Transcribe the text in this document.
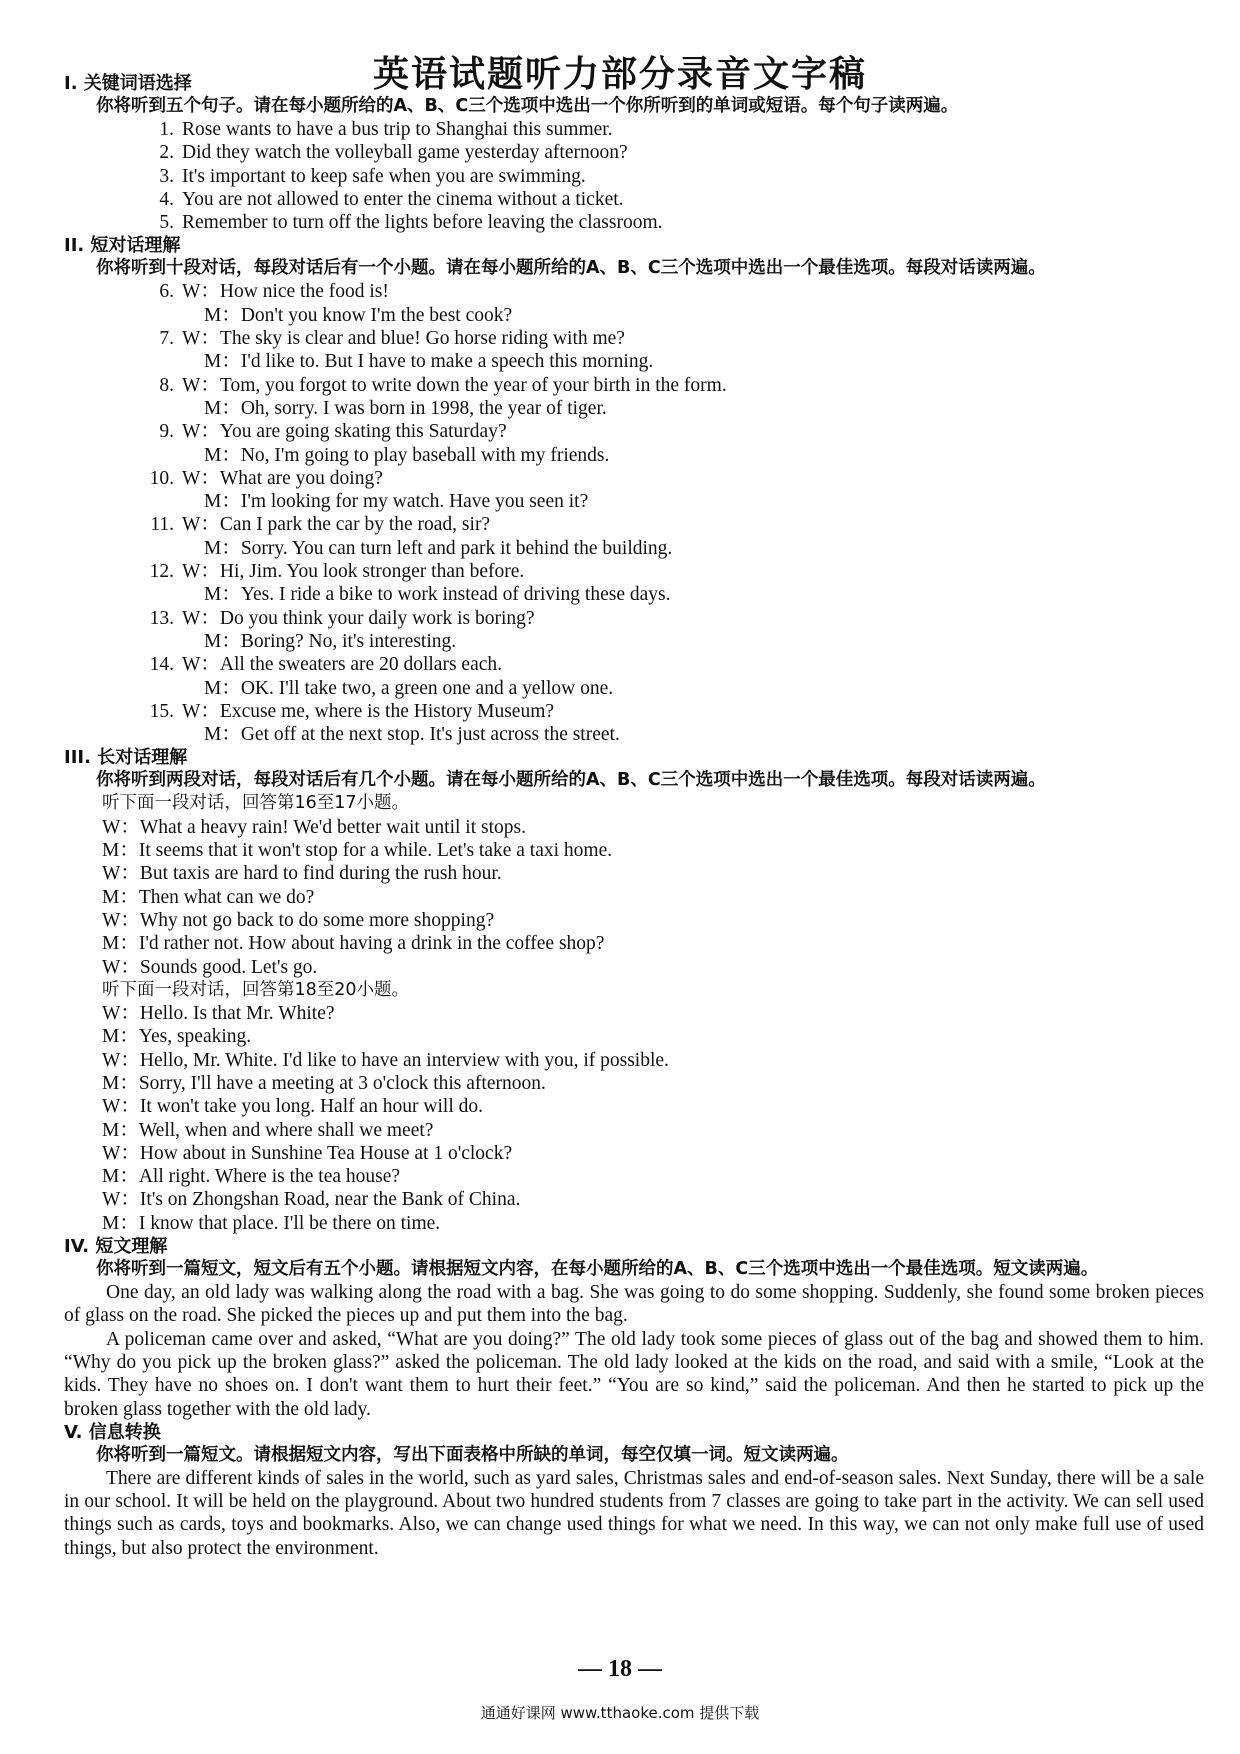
英语试题听力部分录音文字稿
I. 关键词语选择
你将听到五个句子。请在每小题所给的A、B、C三个选项中选出一个你所听到的单词或短语。每个句子读两遍。
1. Rose wants to have a bus trip to Shanghai this summer.
2. Did they watch the volleyball game yesterday afternoon?
3. It's important to keep safe when you are swimming.
4. You are not allowed to enter the cinema without a ticket.
5. Remember to turn off the lights before leaving the classroom.
II. 短对话理解
你将听到十段对话，每段对话后有一个小题。请在每小题所给的A、B、C三个选项中选出一个最佳选项。每段对话读两遍。
6. W：How nice the food is!
M：Don't you know I'm the best cook?
7. W：The sky is clear and blue! Go horse riding with me?
M：I'd like to. But I have to make a speech this morning.
8. W：Tom, you forgot to write down the year of your birth in the form.
M：Oh, sorry. I was born in 1998, the year of tiger.
9. W：You are going skating this Saturday?
M：No, I'm going to play baseball with my friends.
10. W：What are you doing?
M：I'm looking for my watch. Have you seen it?
11. W：Can I park the car by the road, sir?
M：Sorry. You can turn left and park it behind the building.
12. W：Hi, Jim. You look stronger than before.
M：Yes. I ride a bike to work instead of driving these days.
13. W：Do you think your daily work is boring?
M：Boring? No, it's interesting.
14. W：All the sweaters are 20 dollars each.
M：OK. I'll take two, a green one and a yellow one.
15. W：Excuse me, where is the History Museum?
M：Get off at the next stop. It's just across the street.
III. 长对话理解
你将听到两段对话，每段对话后有几个小题。请在每小题所给的A、B、C三个选项中选出一个最佳选项。每段对话读两遍。
听下面一段对话，回答第16至17小题。
W：What a heavy rain! We'd better wait until it stops.
M：It seems that it won't stop for a while. Let's take a taxi home.
W：But taxis are hard to find during the rush hour.
M：Then what can we do?
W：Why not go back to do some more shopping?
M：I'd rather not. How about having a drink in the coffee shop?
W：Sounds good. Let's go.
听下面一段对话，回答第18至20小题。
W：Hello. Is that Mr. White?
M：Yes, speaking.
W：Hello, Mr. White. I'd like to have an interview with you, if possible.
M：Sorry, I'll have a meeting at 3 o'clock this afternoon.
W：It won't take you long. Half an hour will do.
M：Well, when and where shall we meet?
W：How about in Sunshine Tea House at 1 o'clock?
M：All right. Where is the tea house?
W：It's on Zhongshan Road, near the Bank of China.
M：I know that place. I'll be there on time.
IV. 短文理解
你将听到一篇短文，短文后有五个小题。请根据短文内容，在每小题所给的A、B、C三个选项中选出一个最佳选项。短文读两遍。
One day, an old lady was walking along the road with a bag. She was going to do some shopping. Suddenly, she found some broken pieces of glass on the road. She picked the pieces up and put them into the bag.
A policeman came over and asked, “What are you doing?” The old lady took some pieces of glass out of the bag and showed them to him. “Why do you pick up the broken glass?” asked the policeman. The old lady looked at the kids on the road, and said with a smile, “Look at the kids. They have no shoes on. I don't want them to hurt their feet.” “You are so kind,” said the policeman. And then he started to pick up the broken glass together with the old lady.
V. 信息转换
你将听到一篇短文。请根据短文内容，写出下面表格中所缺的单词，每空仅填一词。短文读两遍。
There are different kinds of sales in the world, such as yard sales, Christmas sales and end-of-season sales. Next Sunday, there will be a sale in our school. It will be held on the playground. About two hundred students from 7 classes are going to take part in the activity. We can sell used things such as cards, toys and bookmarks. Also, we can change used things for what we need. In this way, we can not only make full use of used things, but also protect the environment.
— 18 —
通通好课网 www.tthaoke.com 提供下载
